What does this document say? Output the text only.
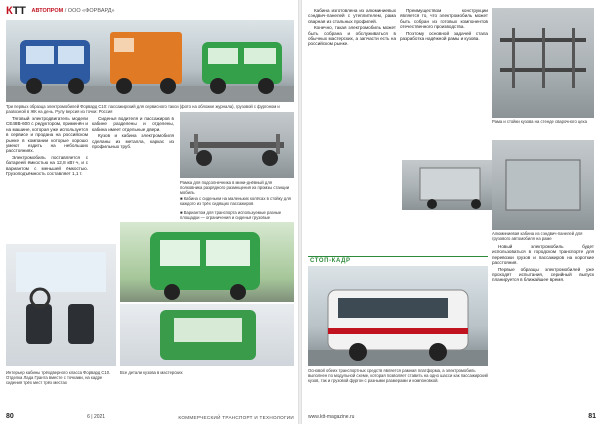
КТТ АВТОПРОМ / ООО «ФОРВАРД»
Три первых образца электромобилей Форвард С10: пассажирский для сервисного такси (фото на обложке журнала), грузовой с фургоном и развозной в ЖК на день. Рулу версия из точки: Россия

Тяговый электродвигатель модели СЕ48В-600 с редуктором, применён и на машине, которая уже используется в сервисе и продана на российском рынке в компании которые хорошо умеют ездить на небольших расстояниях.

Электромобиль поставляется с батареей ёмкостью на 12,8 кВт·ч, и с вариантом с меньшей ёмкостью. Грузоподъёмность составляет 1,1 т.

Сиденья водителя и пассажиров в кабине разделены и отделены, кабина имеет отдельные двери.

Кузов и кабина электромобиля сделаны из металла, каркас из профильных труб.

Рамка для подсолнечника в мини-днёвный для полковника разрядного размещения из промзы станции мобиль
■ Кабина с сиденьем на маленьких колёсах в стойку для каждого из трёх сидящих пассажиров
■ Вариантом для транспорта используемые разные площадки — ограничения и сиденья грузовые
Интерьер кабины трёхдверного класса Форвард С10. Отделка Лада Гранта вместе с точками, на кадре сидения трёх мест трёх местах
Все детали кузова в мастерских
80	6 | 2021	КОММЕРЧЕСКИЙ ТРАНСПОРТ И ТЕХНОЛОГИИ

Кабина изготовлена из алюминиевых сэндвич-панелей с утеплителем, рама сварная из стальных профилей.

Конечно, такая электромобиль может быть собрана и обслуживаться в обычных мастерских, а запчасти есть на российском рынке.

Преимуществом конструкции является то, что электромобиль может быть собран из готовых компонентов отечественного производства.

Поэтому основной задачей стала разработка надёжной рамы и кузова.

Рама и стойки кузова на стенде сварочного цеха
Алюминиевая кабина из сэндвич-панелей для грузового автомобиля на раме
СТОП-КАДР
Основой обеих транспортных средств является рамная платформа, а электромобиль выполнен по модульной схеме, которая позволяет ставить на одно шасси как пассажирский кузов, так и грузовой фургон с разными размерами и компоновкой.

Новый электромобиль будет использоваться в городском транспорте для перевозки грузов и пассажиров на короткие расстояния.

Первые образцы электромобилей уже проходят испытания, серийный выпуск планируется в ближайшее время.

www.ktt-magazine.ru	81
